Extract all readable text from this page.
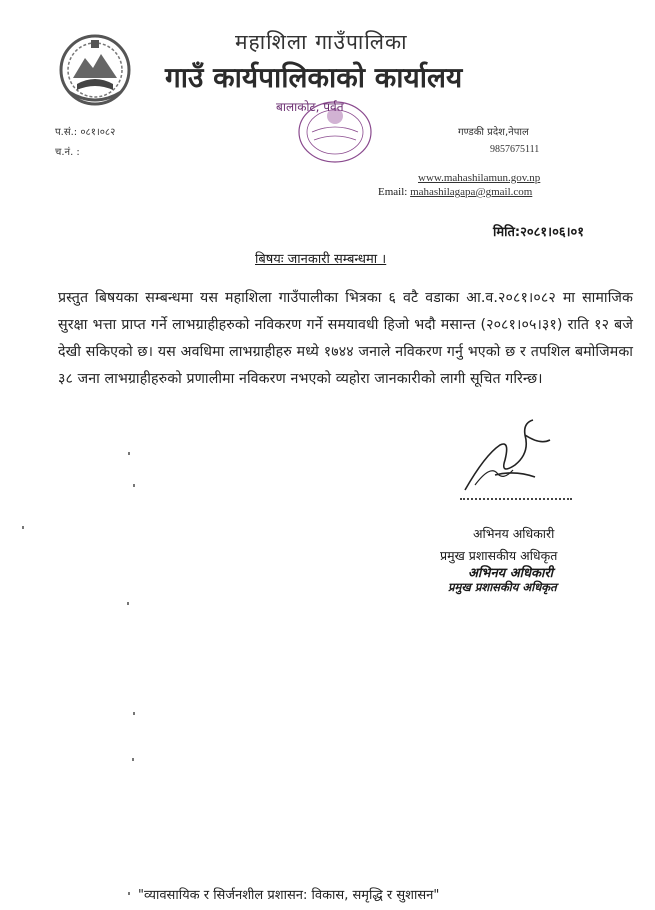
महाशिला गाउँपालिका
गाउँ कार्यपालिकाको कार्यालय
बालाकोट, पर्वत
प.सं.: ०८१।०८२
च.नं. :
गण्डकी प्रदेश,नेपाल
9857675111
www.mahashilamun.gov.np
Email: mahashilagapa@gmail.com
मिति:२०८१।०६।०१
बिषयः जानकारी सम्बन्धमा ।
प्रस्तुत बिषयका सम्बन्धमा यस महाशिला गाउँपालीका भित्रका ६ वटै वडाका आ.व.२०८१।०८२ मा सामाजिक सुरक्षा भत्ता प्राप्त गर्ने लाभग्राहीहरुको नविकरण गर्ने समयावधी हिजो भदौ मसान्त (२०८१।०५।३१) राति १२ बजे देखी सकिएको छ। यस अवधिमा लाभग्राहीहरु मध्ये १७४४ जनाले नविकरण गर्नु भएको छ र तपशिल बमोजिमका ३८ जना लाभग्राहीहरुको प्रणालीमा नविकरण नभएको व्यहोरा जानकारीको लागी सूचित गरिन्छ।
अभिनय अधिकारी
प्रमुख प्रशासकीय अधिकृत
अभिनय अधिकारी
प्रमुख प्रशासकीय अधिकृत
"व्यावसायिक र सिर्जनशील प्रशासन: विकास, समृद्धि र सुशासन"
